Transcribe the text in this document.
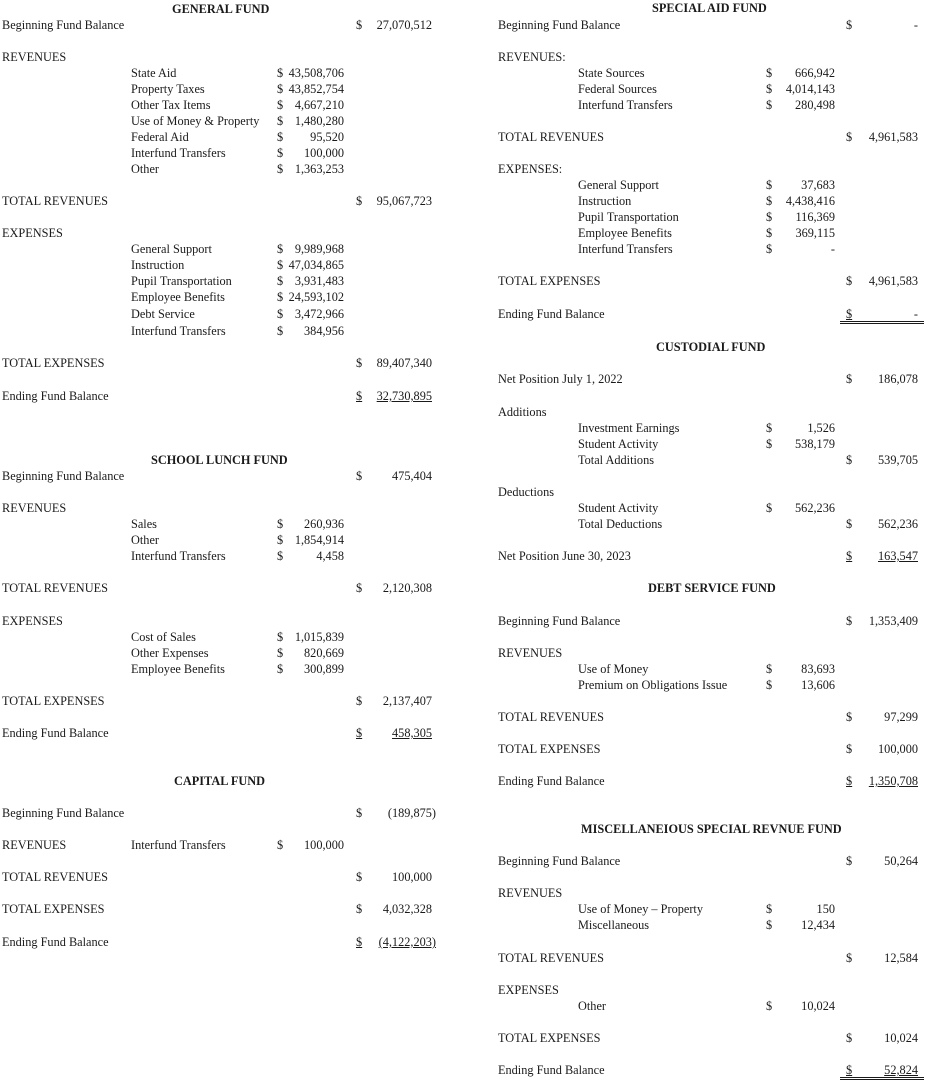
GENERAL FUND
Beginning Fund Balance	$ 27,070,512
REVENUES
State Aid	$ 43,508,706
Property Taxes	$ 43,852,754
Other Tax Items	$ 4,667,210
Use of Money & Property $ 1,480,280
Federal Aid	$ 95,520
Interfund Transfers	$ 100,000
Other	$ 1,363,253
TOTAL REVENUES	$ 95,067,723
EXPENSES
General Support	$ 9,989,968
Instruction	$ 47,034,865
Pupil Transportation	$ 3,931,483
Employee Benefits	$ 24,593,102
Debt Service	$ 3,472,966
Interfund Transfers	$ 384,956
TOTAL EXPENSES	$ 89,407,340
Ending Fund Balance	$ 32,730,895
SCHOOL LUNCH FUND
Beginning Fund Balance	$ 475,404
REVENUES
Sales	$ 260,936
Other	$ 1,854,914
Interfund Transfers	$	4,458
TOTAL REVENUES	$ 2,120,308
EXPENSES
Cost of Sales	$ 1,015,839
Other Expenses	$ 820,669
Employee Benefits	$ 300,899
TOTAL EXPENSES	$ 2,137,407
Ending Fund Balance	$ 458,305
CAPITAL FUND
Beginning Fund Balance	$ (189,875)
REVENUES	Interfund Transfers	$ 100,000
TOTAL REVENUES	$ 100,000
TOTAL EXPENSES	$ 4,032,328
Ending Fund Balance	$ (4,122,203)
SPECIAL AID FUND
Beginning Fund Balance	$	-
REVENUES:
State Sources	$ 666,942
Federal Sources	$ 4,014,143
Interfund Transfers	$ 280,498
TOTAL REVENUES	$ 4,961,583
EXPENSES:
General Support	$ 37,683
Instruction	$ 4,438,416
Pupil Transportation	$ 116,369
Employee Benefits	$ 369,115
Interfund Transfers	$	-
TOTAL EXPENSES	$ 4,961,583
Ending Fund Balance	$	-
CUSTODIAL FUND
Net Position July 1, 2022	$ 186,078
Additions
Investment Earnings	$	1,526
Student Activity	$ 538,179
Total Additions	$ 539,705
Deductions
Student Activity	$ 562,236
Total Deductions	$ 562,236
Net Position June 30, 2023	$ 163,547
DEBT SERVICE FUND
Beginning Fund Balance	$ 1,353,409
REVENUES
Use of Money	$ 83,693
Premium on Obligations Issue	$ 13,606
TOTAL REVENUES	$	97,299
TOTAL EXPENSES	$ 100,000
Ending Fund Balance	$ 1,350,708
MISCELLANEIOUS SPECIAL REVNUE FUND
Beginning Fund Balance	$	50,264
REVENUES
Use of Money – Property	$	150
Miscellaneous	$ 12,434
TOTAL REVENUES	$	12,584
EXPENSES
Other	$ 10,024
TOTAL EXPENSES	$	10,024
Ending Fund Balance	$	52,824
